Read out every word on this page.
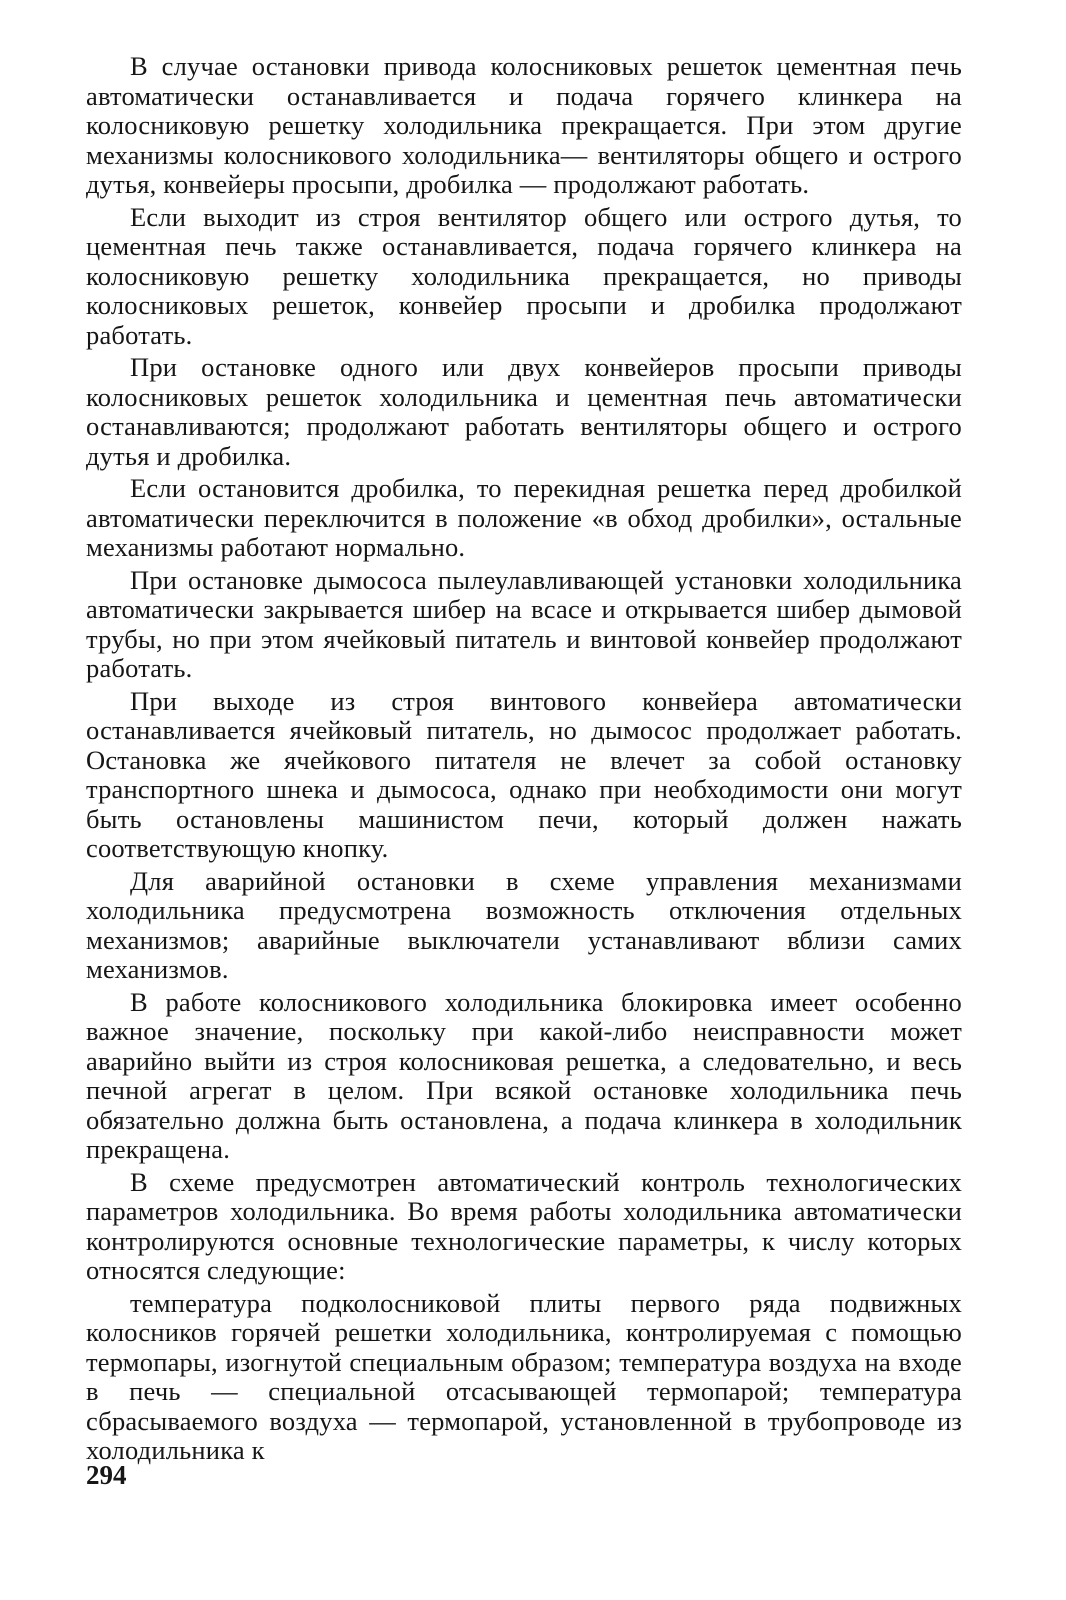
В случае остановки привода колосниковых решеток цементная печь автоматически останавливается и подача горячего клинкера на колосниковую решетку холодильника прекращается. При этом другие механизмы колосникового холодильника— вентиляторы общего и острого дутья, конвейеры просыпи, дробилка — продолжают работать.

Если выходит из строя вентилятор общего или острого дутья, то цементная печь также останавливается, подача горячего клинкера на колосниковую решетку холодильника прекращается, но приводы колосниковых решеток, конвейер просыпи и дробилка продолжают работать.

При остановке одного или двух конвейеров просыпи приводы колосниковых решеток холодильника и цементная печь автоматически останавливаются; продолжают работать вентиляторы общего и острого дутья и дробилка.

Если остановится дробилка, то перекидная решетка перед дробилкой автоматически переключится в положение «в обход дробилки», остальные механизмы работают нормально.

При остановке дымососа пылеулавливающей установки холодильника автоматически закрывается шибер на всасе и открывается шибер дымовой трубы, но при этом ячейковый питатель и винтовой конвейер продолжают работать.

При выходе из строя винтового конвейера автоматически останавливается ячейковый питатель, но дымосос продолжает работать. Остановка же ячейкового питателя не влечет за собой остановку транспортного шнека и дымососа, однако при необходимости они могут быть остановлены машинистом печи, который должен нажать соответствующую кнопку.

Для аварийной остановки в схеме управления механизмами холодильника предусмотрена возможность отключения отдельных механизмов; аварийные выключатели устанавливают вблизи самих механизмов.

В работе колосникового холодильника блокировка имеет особенно важное значение, поскольку при какой-либо неисправности может аварийно выйти из строя колосниковая решетка, а следовательно, и весь печной агрегат в целом. При всякой остановке холодильника печь обязательно должна быть остановлена, а подача клинкера в холодильник прекращена.

В схеме предусмотрен автоматический контроль технологических параметров холодильника. Во время работы холодильника автоматически контролируются основные технологические параметры, к числу которых относятся следующие:

температура подколосниковой плиты первого ряда подвижных колосников горячей решетки холодильника, контролируемая с помощью термопары, изогнутой специальным образом; температура воздуха на входе в печь — специальной отсасывающей термопарой; температура сбрасываемого воздуха — термопарой, установленной в трубопроводе из холодильника к

294
